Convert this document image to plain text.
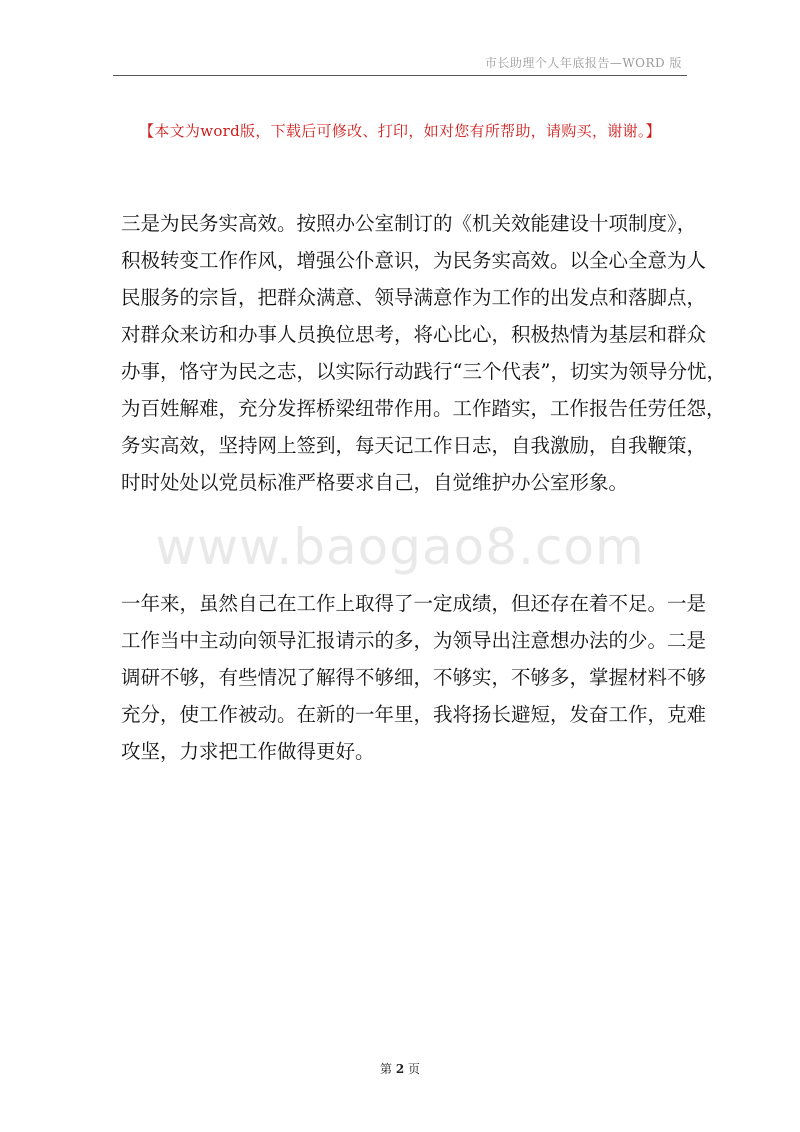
市长助理个人年底报告—WORD 版
【本文为word版，下载后可修改、打印，如对您有所帮助，请购买，谢谢。】
三是为民务实高效。按照办公室制订的《机关效能建设十项制度》，
积极转变工作作风，增强公仆意识，为民务实高效。以全心全意为人
民服务的宗旨，把群众满意、领导满意作为工作的出发点和落脚点，
对群众来访和办事人员换位思考，将心比心，积极热情为基层和群众
办事，恪守为民之志，以实际行动践行“三个代表”，切实为领导分忧，
为百姓解难，充分发挥桥梁纽带作用。工作踏实，工作报告任劳任怨，
务实高效，坚持网上签到，每天记工作日志，自我激励，自我鞭策，
时时处处以党员标准严格要求自己，自觉维护办公室形象。
www.baogao8.com
一年来，虽然自己在工作上取得了一定成绩，但还存在着不足。一是
工作当中主动向领导汇报请示的多，为领导出注意想办法的少。二是
调研不够，有些情况了解得不够细，不够实，不够多，掌握材料不够
充分，使工作被动。在新的一年里，我将扬长避短，发奋工作，克难
攻坚，力求把工作做得更好。
第 2 页
